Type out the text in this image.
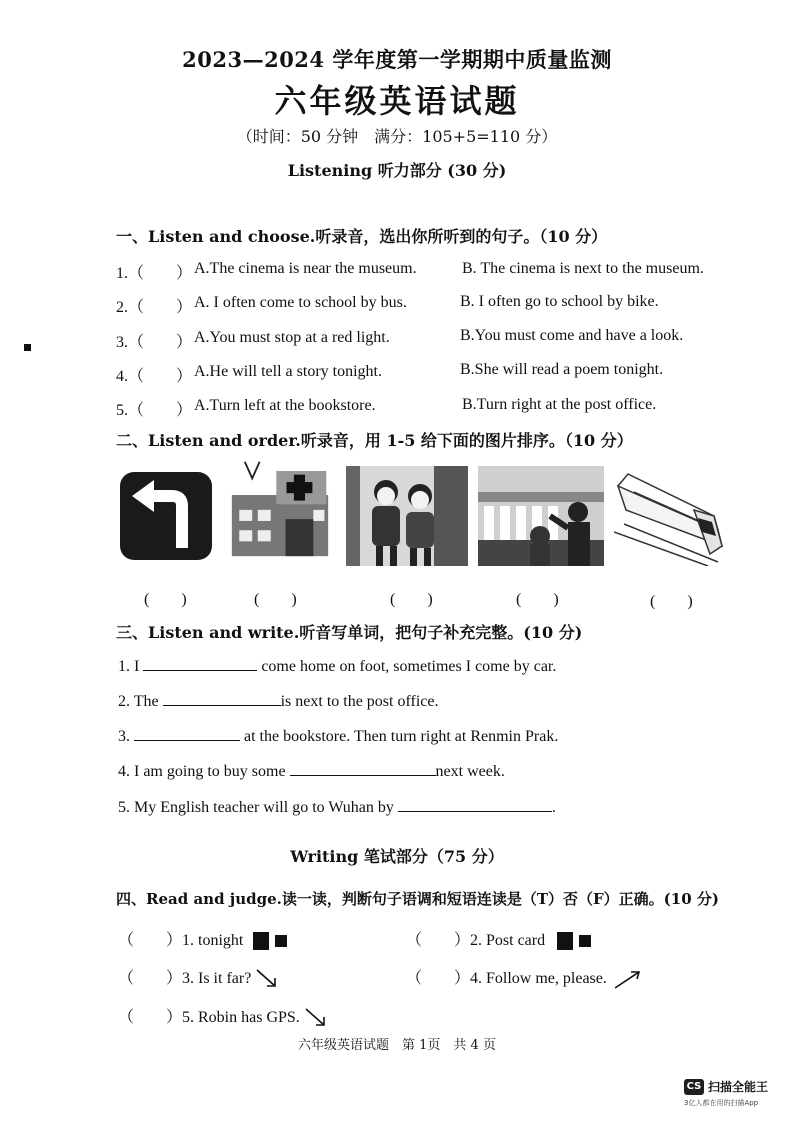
2023—2024 学年度第一学期期中质量监测
六年级英语试题
（时间：50 分钟　满分：105+5=110 分）
Listening 听力部分 (30 分)
一、Listen and choose.听录音，选出你所听到的句子。（10 分）
1.（　　） A.The cinema is near the museum.	B. The cinema is next to the museum.
2.（　　） A. I often come to school by bus.	B. I often go to school by bike.
3.（　　） A.You must stop at a red light.	B.You must come and have a look.
4.（　　） A.He will tell a story tonight.	B.She will read a poem tonight.
5.（　　） A.Turn left at the bookstore.	B.Turn right at the post office.
二、Listen and order.听录音，用 1-5 给下面的图片排序。（10 分）
(　　)	(　　)	(　　)	(　　)	(　　)
三、Listen and write.听音写单词，把句子补充完整。(10 分)
1. I	come home on foot, sometimes I come by car.
2. The	is next to the post office.
3.	at the bookstore. Then turn right at Renmin Prak.
4. I am going to buy some	next week.
5. My English teacher will go to Wuhan by	.
Writing 笔试部分（75 分）
四、Read and judge.读一读，判断句子语调和短语连读是（T）否（F）正确。(10 分)
（　　）1. tonight	（　　）2. Post card
（　　）3. Is it far?	（　　）4. Follow me, please.
（　　）5. Robin has GPS.
六年级英语试题　第 1页　共 4 页
CS 扫描全能王
3亿人都在用的扫描App
